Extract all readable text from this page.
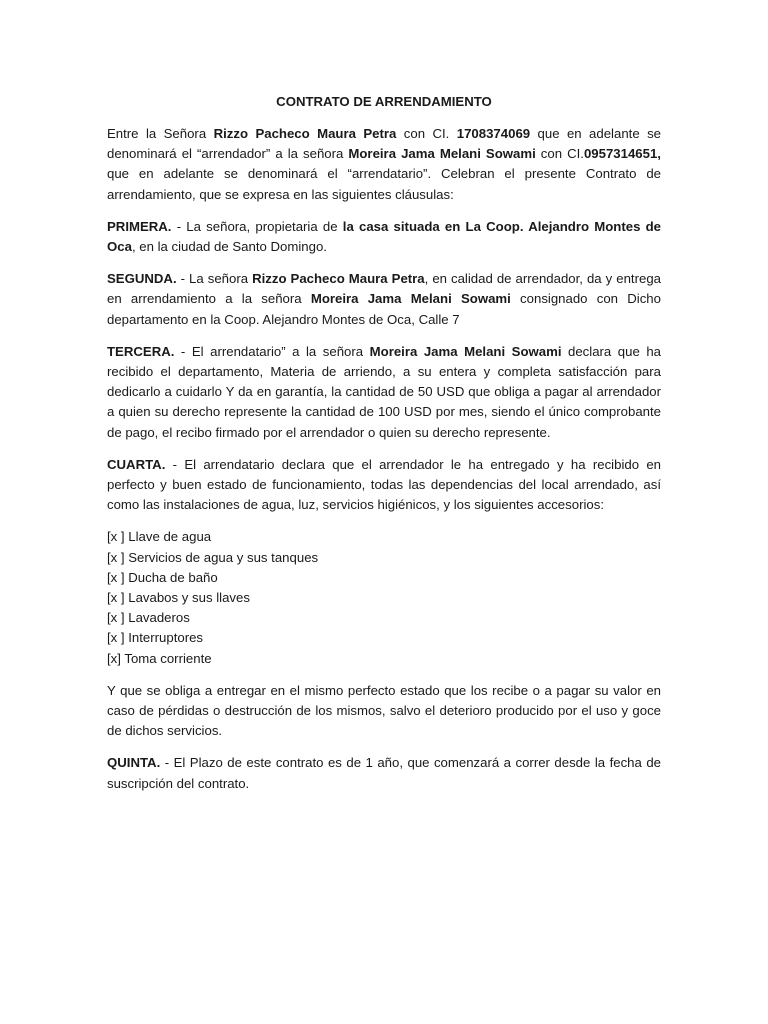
CONTRATO DE ARRENDAMIENTO

Entre la Señora Rizzo Pacheco Maura Petra con CI. 1708374069 que en adelante se denominará el “arrendador” a la señora Moreira Jama Melani Sowami con CI.0957314651, que en adelante se denominará el “arrendatario”. Celebran el presente Contrato de arrendamiento, que se expresa en las siguientes cláusulas:

PRIMERA. - La señora, propietaria de la casa situada en La Coop. Alejandro Montes de Oca, en la ciudad de Santo Domingo.

SEGUNDA. - La señora Rizzo Pacheco Maura Petra, en calidad de arrendador, da y entrega en arrendamiento a la señora Moreira Jama Melani Sowami consignado con Dicho departamento en la Coop. Alejandro Montes de Oca, Calle 7

TERCERA. - El arrendatario” a la señora Moreira Jama Melani Sowami declara que ha recibido el departamento, Materia de arriendo, a su entera y completa satisfacción para dedicarlo a cuidarlo Y da en garantía, la cantidad de 50 USD que obliga a pagar al arrendador a quien su derecho represente la cantidad de 100 USD por mes, siendo el único comprobante de pago, el recibo firmado por el arrendador o quien su derecho represente.

CUARTA. - El arrendatario declara que el arrendador le ha entregado y ha recibido en perfecto y buen estado de funcionamiento, todas las dependencias del local arrendado, así como las instalaciones de agua, luz, servicios higiénicos, y los siguientes accesorios:

[x ] Llave de agua
[x ] Servicios de agua y sus tanques
[x ] Ducha de baño
[x ] Lavabos y sus llaves
[x ] Lavaderos
[x ] Interruptores
[x] Toma corriente

Y que se obliga a entregar en el mismo perfecto estado que los recibe o a pagar su valor en caso de pérdidas o destrucción de los mismos, salvo el deterioro producido por el uso y goce de dichos servicios.

QUINTA. - El Plazo de este contrato es de 1 año, que comenzará a correr desde la fecha de suscripción del contrato.
